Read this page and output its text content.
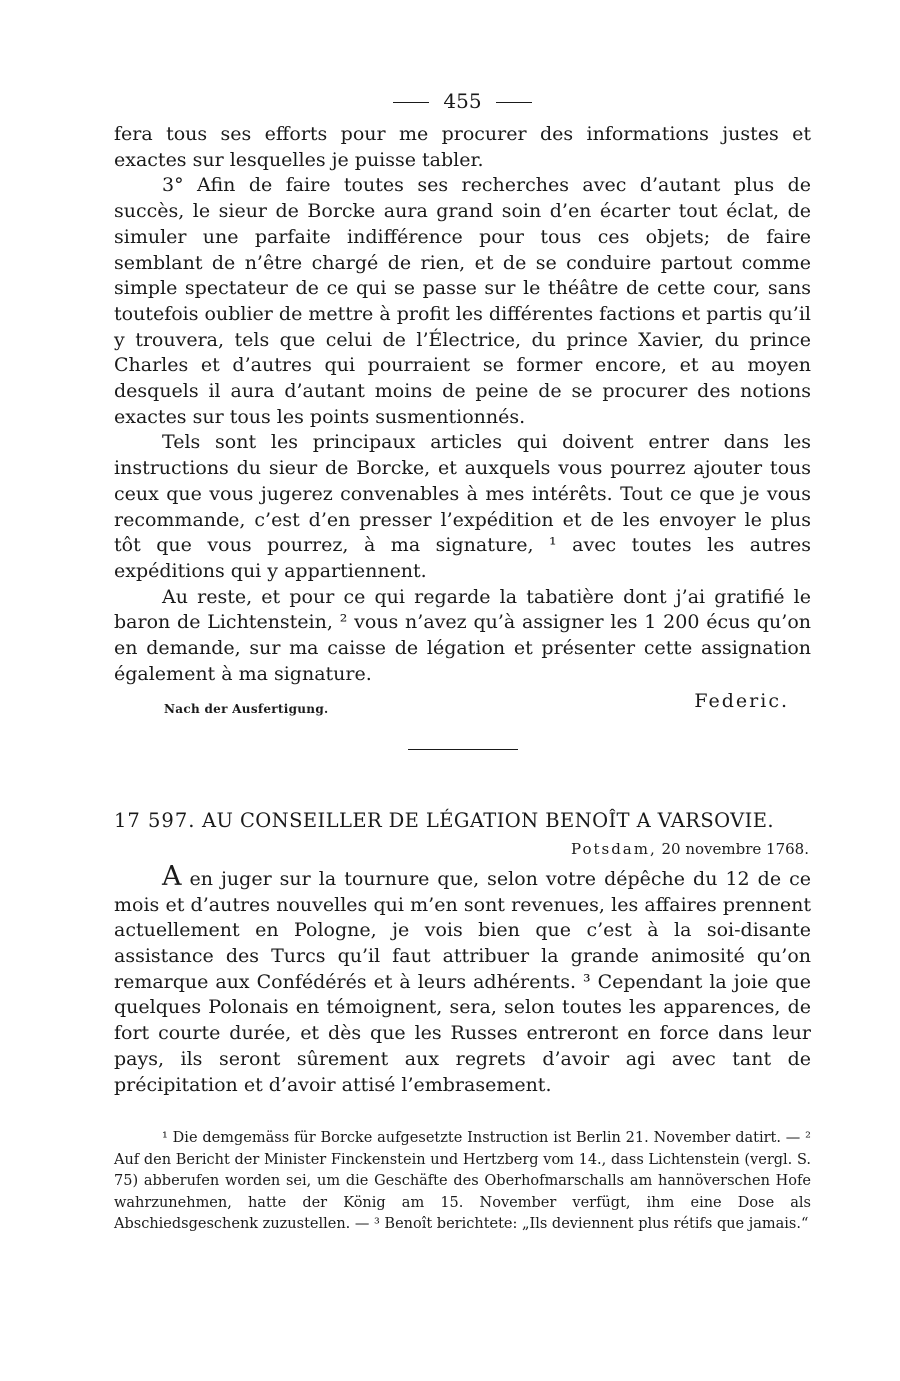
455

fera tous ses efforts pour me procurer des informations justes et exactes sur lesquelles je puisse tabler.

3° Afin de faire toutes ses recherches avec d’autant plus de succès, le sieur de Borcke aura grand soin d’en écarter tout éclat, de simuler une parfaite indifférence pour tous ces objets; de faire semblant de n’être chargé de rien, et de se conduire partout comme simple spectateur de ce qui se passe sur le théâtre de cette cour, sans toutefois oublier de mettre à profit les différentes factions et partis qu’il y trouvera, tels que celui de l’Électrice, du prince Xavier, du prince Charles et d’autres qui pourraient se former encore, et au moyen desquels il aura d’autant moins de peine de se procurer des notions exactes sur tous les points susmentionnés.

Tels sont les principaux articles qui doivent entrer dans les instructions du sieur de Borcke, et auxquels vous pourrez ajouter tous ceux que vous jugerez convenables à mes intérêts. Tout ce que je vous recommande, c’est d’en presser l’expédition et de les envoyer le plus tôt que vous pourrez, à ma signature, ¹ avec toutes les autres expéditions qui y appartiennent.

Au reste, et pour ce qui regarde la tabatière dont j’ai gratifié le baron de Lichtenstein, ² vous n’avez qu’à assigner les 1 200 écus qu’on en demande, sur ma caisse de légation et présenter cette assignation également à ma signature.

Nach der Ausfertigung.	Federic.
17 597. AU CONSEILLER DE LÉGATION BENOÎT A VARSOVIE.
Potsdam, 20 novembre 1768.

A en juger sur la tournure que, selon votre dépêche du 12 de ce mois et d’autres nouvelles qui m’en sont revenues, les affaires prennent actuellement en Pologne, je vois bien que c’est à la soi-disante assistance des Turcs qu’il faut attribuer la grande animosité qu’on remarque aux Confédérés et à leurs adhérents. ³ Cependant la joie que quelques Polonais en témoignent, sera, selon toutes les apparences, de fort courte durée, et dès que les Russes entreront en force dans leur pays, ils seront sûrement aux regrets d’avoir agi avec tant de précipitation et d’avoir attisé l’embrasement.

¹ Die demgemäss für Borcke aufgesetzte Instruction ist Berlin 21. November datirt. — ² Auf den Bericht der Minister Finckenstein und Hertzberg vom 14., dass Lichtenstein (vergl. S. 75) abberufen worden sei, um die Geschäfte des Oberhofmarschalls am hannöverschen Hofe wahrzunehmen, hatte der König am 15. November verfügt, ihm eine Dose als Abschiedsgeschenk zuzustellen. — ³ Benoît berichtete: „Ils deviennent plus rétifs que jamais.“
